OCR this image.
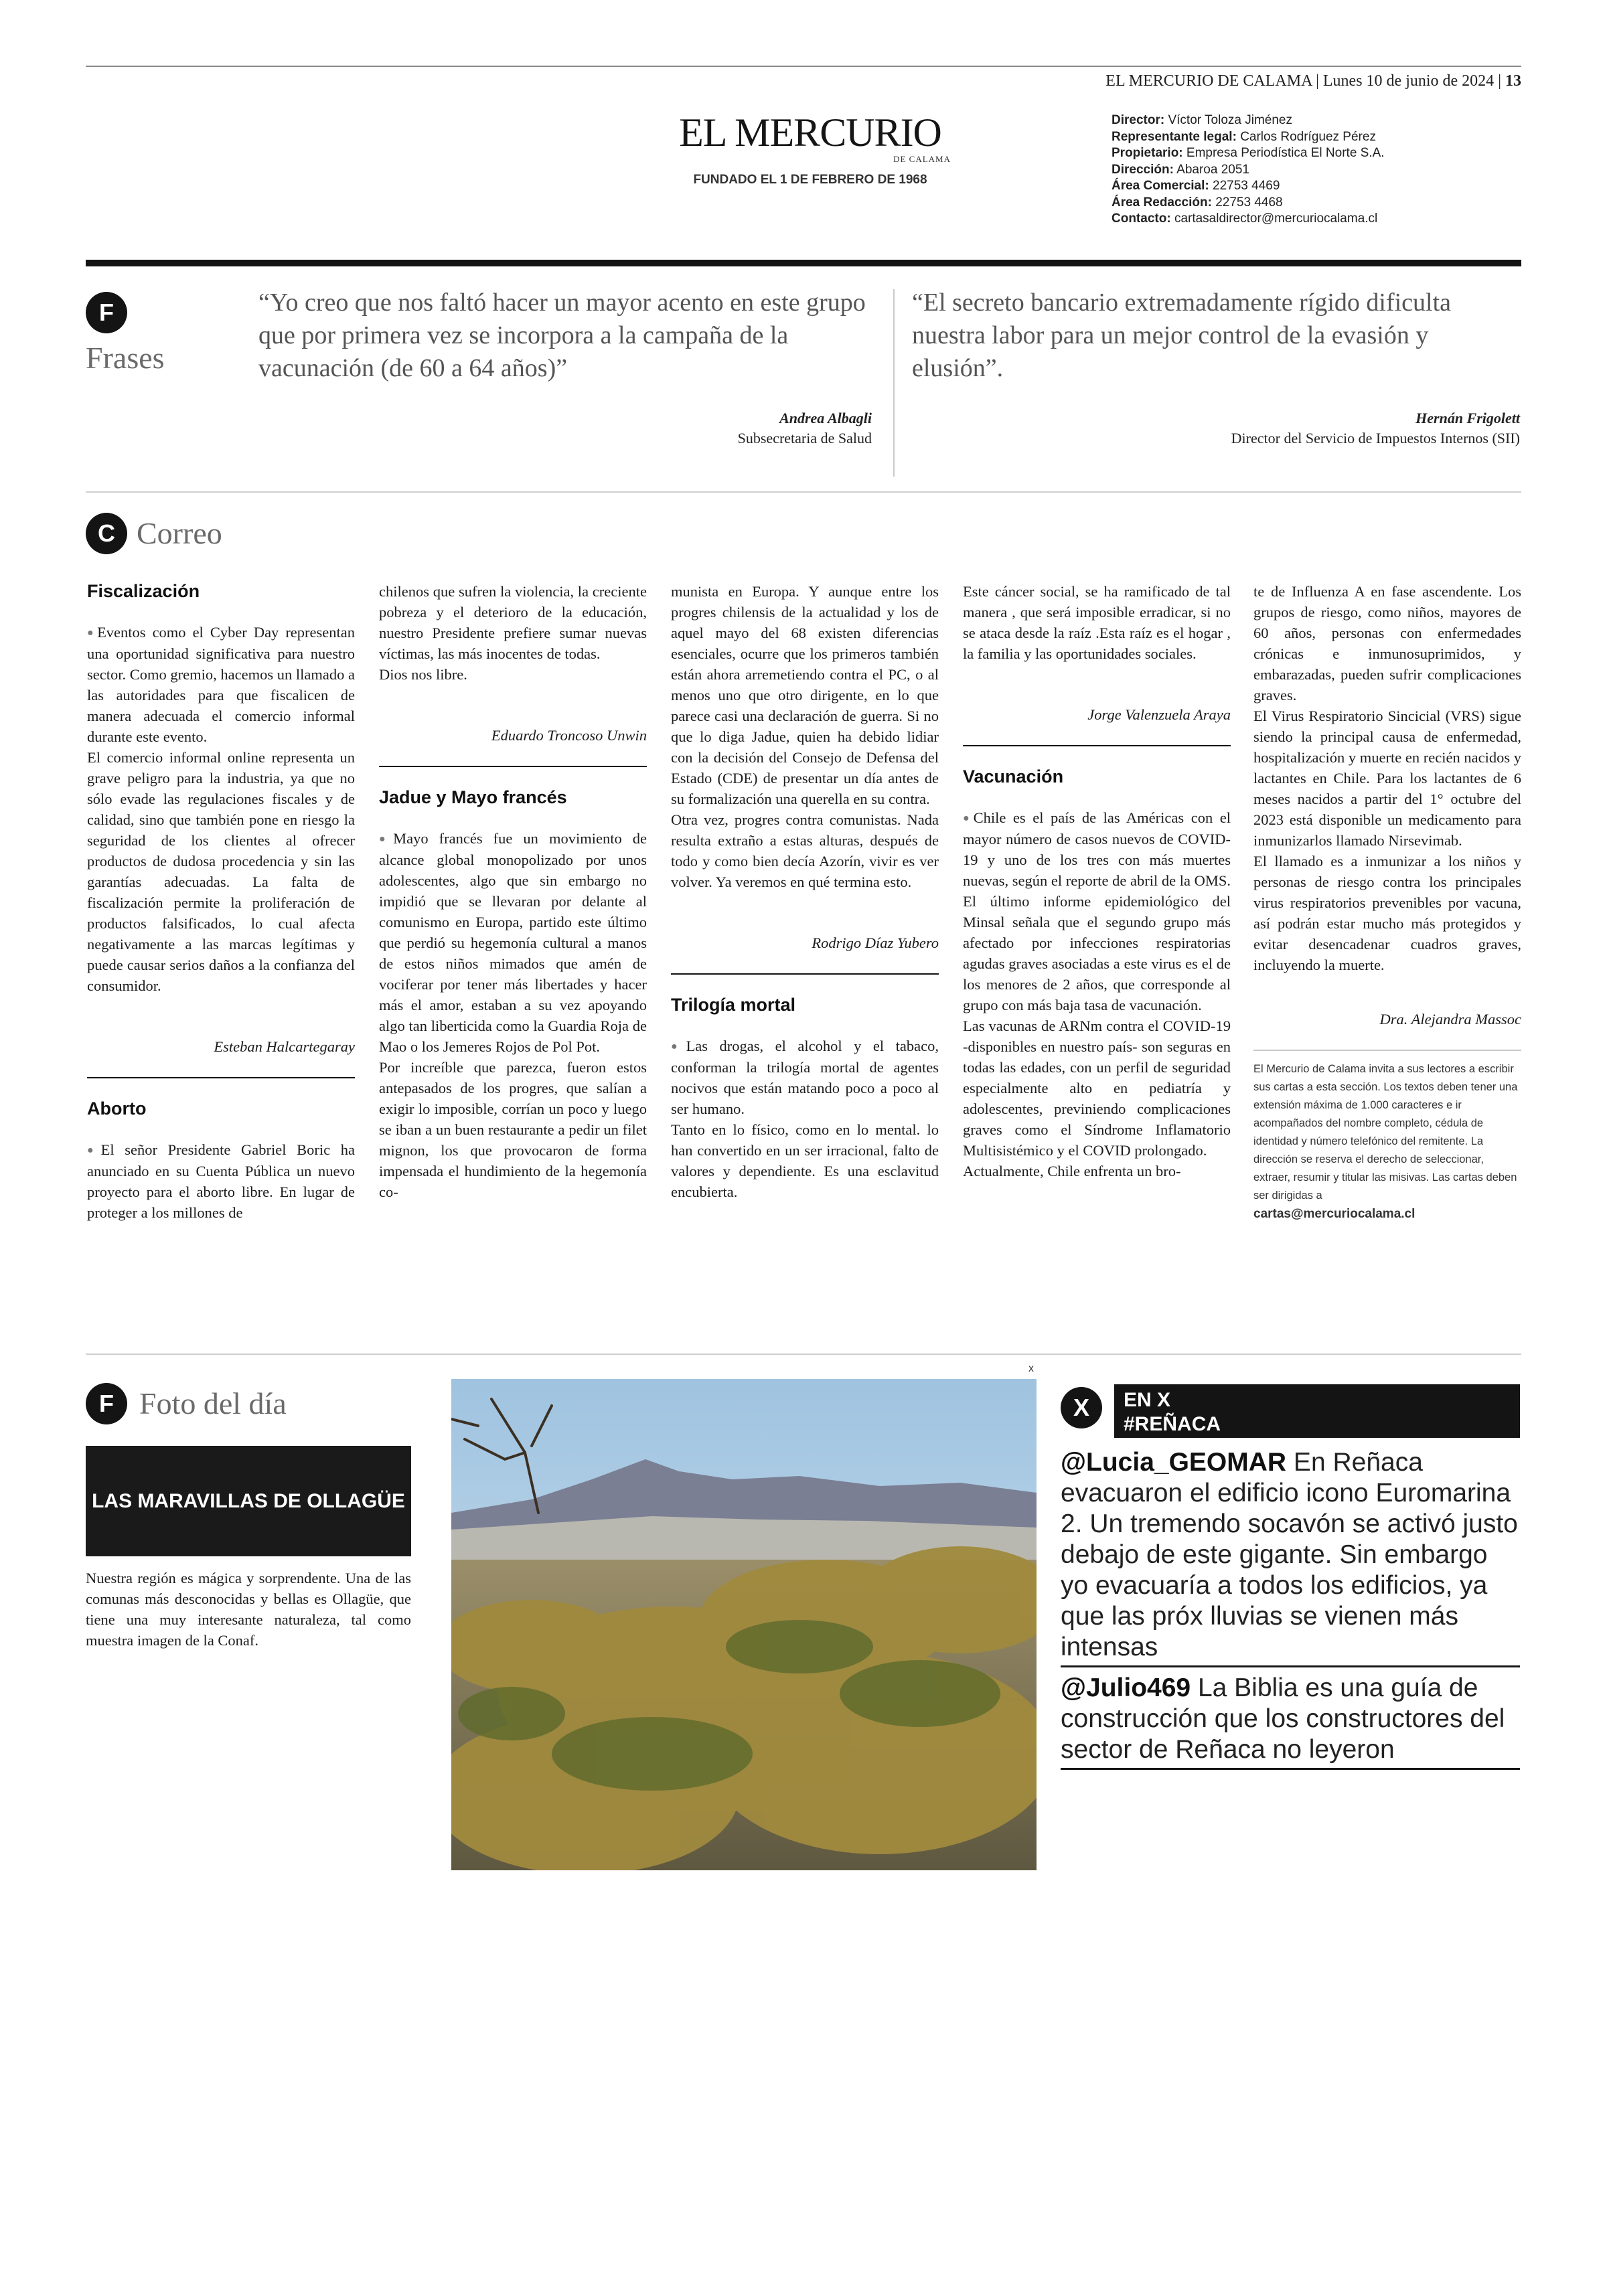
EL MERCURIO DE CALAMA | Lunes 10 de junio de 2024 | 13
EL MERCURIO
DE CALAMA
FUNDADO EL 1 DE FEBRERO DE 1968
Director: Víctor Toloza Jiménez
Representante legal: Carlos Rodríguez Pérez
Propietario: Empresa Periodística El Norte S.A.
Dirección: Abaroa 2051
Área Comercial: 22753 4469
Área Redacción: 22753 4468
Contacto: cartasaldirector@mercuriocalama.cl
F
Frases
“Yo creo que nos faltó hacer un mayor acento en este grupo que por primera vez se incorpora a la campaña de la vacunación (de 60 a 64 años)”
Andrea Albagli
Subsecretaria de Salud
“El secreto bancario extremadamente rígido dificulta nuestra labor para un mejor control de la evasión y elusión”.
Hernán Frigolett
Director del Servicio de Impuestos Internos (SII)
C Correo
Fiscalización

● Eventos como el Cyber Day representan una oportunidad significativa para nuestro sector. Como gremio, hacemos un llamado a las autoridades para que fiscalicen de manera adecuada el comercio informal durante este evento.

El comercio informal online representa un grave peligro para la industria, ya que no sólo evade las regulaciones fiscales y de calidad, sino que también pone en riesgo la seguridad de los clientes al ofrecer productos de dudosa procedencia y sin las garantías adecuadas. La falta de fiscalización permite la proliferación de productos falsificados, lo cual afecta negativamente a las marcas legítimas y puede causar serios daños a la confianza del consumidor.

Esteban Halcartegaray
Aborto

● El señor Presidente Gabriel Boric ha anunciado en su Cuenta Pública un nuevo proyecto para el aborto libre. En lugar de proteger a los millones de

chilenos que sufren la violencia, la creciente pobreza y el deterioro de la educación, nuestro Presidente prefiere sumar nuevas víctimas, las más inocentes de todas.

Dios nos libre.

Eduardo Troncoso Unwin
Jadue y Mayo francés

● Mayo francés fue un movimiento de alcance global monopolizado por unos adolescentes, algo que sin embargo no impidió que se llevaran por delante al comunismo en Europa, partido este último que perdió su hegemonía cultural a manos de estos niños mimados que amén de vociferar por tener más libertades y hacer más el amor, estaban a su vez apoyando algo tan liberticida como la Guardia Roja de Mao o los Jemeres Rojos de Pol Pot.

Por increíble que parezca, fueron estos antepasados de los progres, que salían a exigir lo imposible, corrían un poco y luego se iban a un buen restaurante a pedir un filet mignon, los que provocaron de forma impensada el hundimiento de la hegemonía co-

munista en Europa. Y aunque entre los progres chilensis de la actualidad y los de aquel mayo del 68 existen diferencias esenciales, ocurre que los primeros también están ahora arremetiendo contra el PC, o al menos uno que otro dirigente, en lo que parece casi una declaración de guerra. Si no que lo diga Jadue, quien ha debido lidiar con la decisión del Consejo de Defensa del Estado (CDE) de presentar un día antes de su formalización una querella en su contra.

Otra vez, progres contra comunistas. Nada resulta extraño a estas alturas, después de todo y como bien decía Azorín, vivir es ver volver. Ya veremos en qué termina esto.

Rodrigo Díaz Yubero
Trilogía mortal

● Las drogas, el alcohol y el tabaco, conforman la trilogía mortal de agentes nocivos que están matando poco a poco al ser humano.

Tanto en lo físico, como en lo mental. lo han convertido en un ser irracional, falto de valores y dependiente. Es una esclavitud encubierta.

Este cáncer social, se ha ramificado de tal manera , que será imposible erradicar, si no se ataca desde la raíz .Esta raíz es el hogar , la familia y las oportunidades sociales.

Jorge Valenzuela Araya
Vacunación

● Chile es el país de las Américas con el mayor número de casos nuevos de COVID-19 y uno de los tres con más muertes nuevas, según el reporte de abril de la OMS. El último informe epidemiológico del Minsal señala que el segundo grupo más afectado por infecciones respiratorias agudas graves asociadas a este virus es el de los menores de 2 años, que corresponde al grupo con más baja tasa de vacunación.

Las vacunas de ARNm contra el COVID-19 -disponibles en nuestro país- son seguras en todas las edades, con un perfil de seguridad especialmente alto en pediatría y adolescentes, previniendo complicaciones graves como el Síndrome Inflamatorio Multisistémico y el COVID prolongado.

Actualmente, Chile enfrenta un bro-

te de Influenza A en fase ascendente. Los grupos de riesgo, como niños, mayores de 60 años, personas con enfermedades crónicas e inmunosuprimidos, y embarazadas, pueden sufrir complicaciones graves.

El Virus Respiratorio Sincicial (VRS) sigue siendo la principal causa de enfermedad, hospitalización y muerte en recién nacidos y lactantes en Chile. Para los lactantes de 6 meses nacidos a partir del 1° octubre del 2023 está disponible un medicamento para inmunizarlos llamado Nirsevimab.

El llamado es a inmunizar a los niños y personas de riesgo contra los principales virus respiratorios prevenibles por vacuna, así podrán estar mucho más protegidos y evitar desencadenar cuadros graves, incluyendo la muerte.

Dra. Alejandra Massoc
El Mercurio de Calama invita a sus lectores a escribir sus cartas a esta sección. Los textos deben tener una extensión máxima de 1.000 caracteres e ir acompañados del nombre completo, cédula de identidad y número telefónico del remitente. La dirección se reserva el derecho de seleccionar, extraer, resumir y titular las misivas. Las cartas deben ser dirigidas a
cartas@mercuriocalama.cl
F Foto del día
LAS MARAVILLAS DE OLLAGÜE
Nuestra región es mágica y sorprendente. Una de las comunas más desconocidas y bellas es Ollagüe, que tiene una muy interesante naturaleza, tal como muestra imagen de la Conaf.
x
X	EN X
#REÑACA
@Lucia_GEOMAR En Reñaca evacuaron el edificio icono Euromarina 2. Un tremendo socavón se activó justo debajo de este gigante. Sin embargo yo evacuaría a todos los edificios, ya que las próx lluvias se vienen más intensas
@Julio469 La Biblia es una guía de construcción que los constructores del sector de Reñaca no leyeron
